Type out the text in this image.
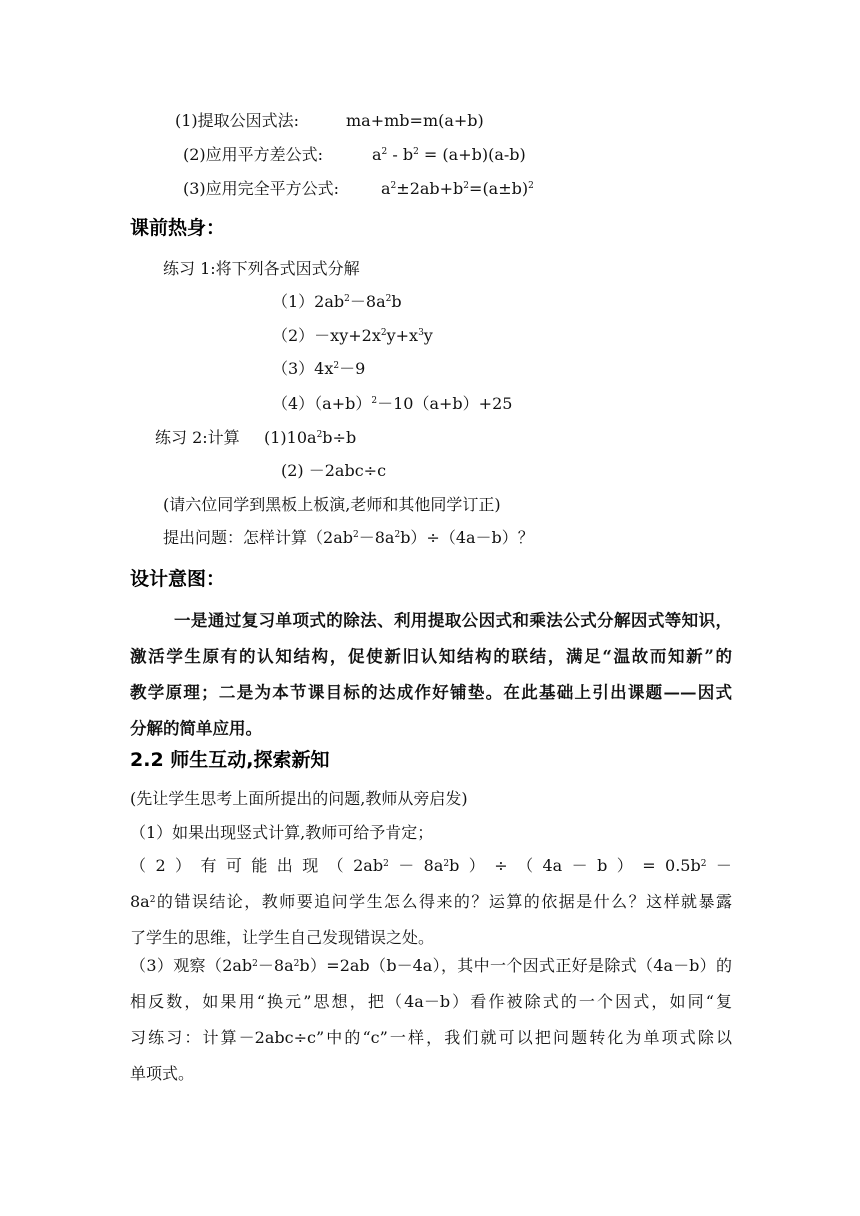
(1)提取公因式法:	ma+mb=m(a+b)
(2)应用平方差公式:	$a^2 - b^2 = (a+b)(a-b)$
(3)应用完全平方公式:	$a^2\pm 2ab+b^2=(a\pm b)^2$
课前热身：
练习 1:将下列各式因式分解
$(1)2ab^2-8a^2b$
$(2)-xy+2x^2y+x^3y$
$(3)4x^2-9$
$(4)(a+b)^2-10(a+b)+25$
练习 2:计算 $(1)10a^2b\div b$
(2) －2abc÷c
(请六位同学到黑板上板演,老师和其他同学订正)
提出问题：怎样计算$(2ab^2-8a^2b)\div(4a-b)$？
设计意图：
一是通过复习单项式的除法、利用提取公因式和乘法公式分解因式等知识，
激活学生原有的认知结构，促使新旧认知结构的联结，满足“温故而知新”的
教学原理；二是为本节课目标的达成作好铺垫。在此基础上引出课题——因式
分解的简单应用。
2.2 师生互动,探索新知
(先让学生思考上面所提出的问题,教师从旁启发)
（1）如果出现竖式计算,教师可给予肯定；
（ 2 ） 有 可 能 出 现 （ $2ab^2 - 8a^2b$ ） ÷ （ 4a － b ） = $0.5b^2$ －
$8a^2$的错误结论，教师要追问学生怎么得来的？运算的依据是什么？这样就暴露
了学生的思维，让学生自己发现错误之处。
（3）观察$(2ab^2-8a^2b)=2ab(b-4a)$，其中一个因式正好是除式（4a－b）的
相反数，如果用“换元”思想，把（4a－b）看作被除式的一个因式，如同“复
习练习：计算－2abc÷c”中的“c”一样，我们就可以把问题转化为单项式除以
单项式。
